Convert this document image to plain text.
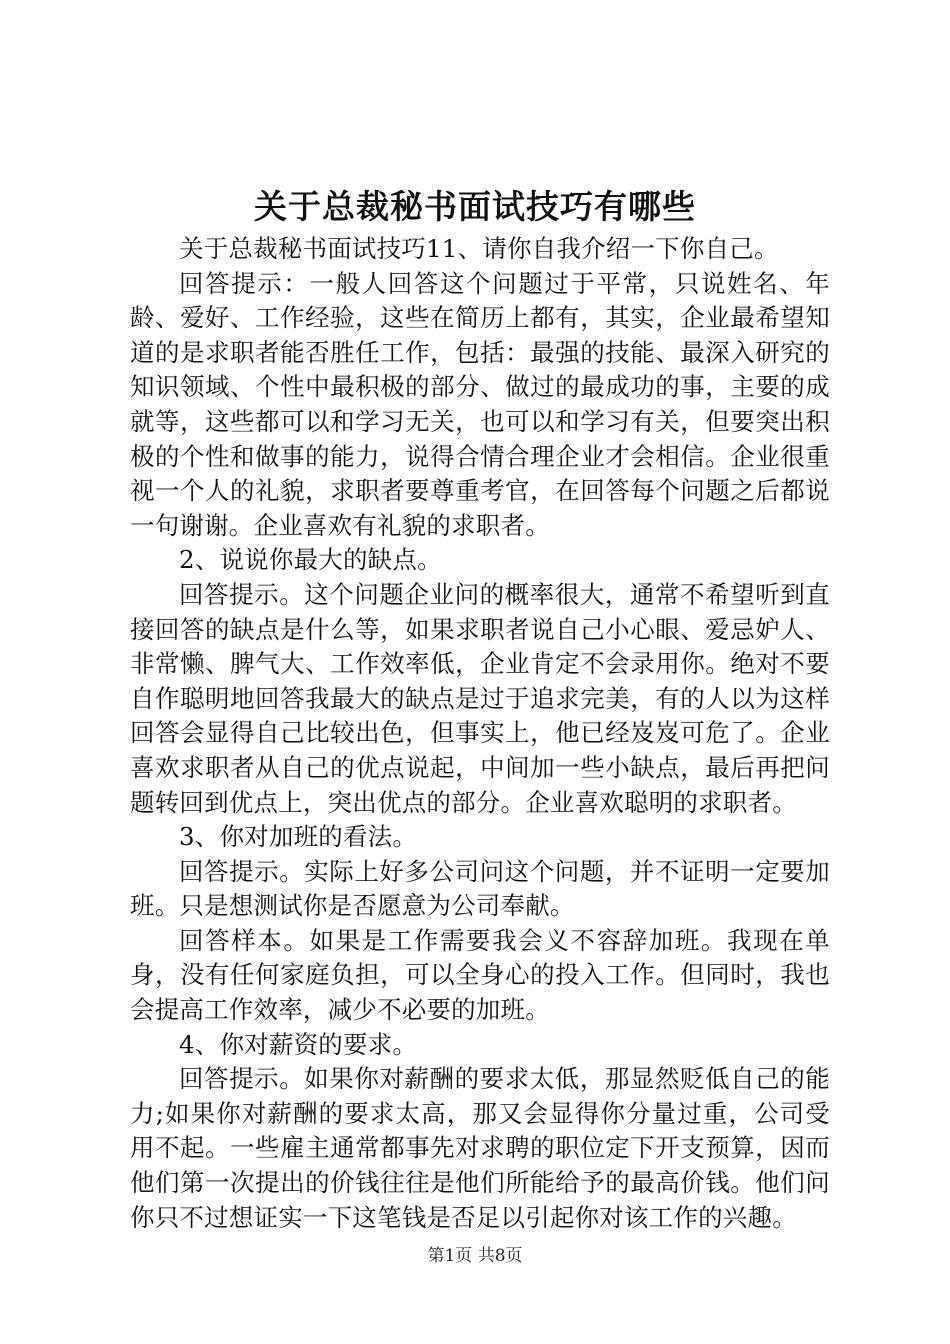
关于总裁秘书面试技巧有哪些

关于总裁秘书面试技巧11、请你自我介绍一下你自己。

回答提示：一般人回答这个问题过于平常，只说姓名、年龄、爱好、工作经验，这些在简历上都有，其实，企业最希望知道的是求职者能否胜任工作，包括：最强的技能、最深入研究的知识领域、个性中最积极的部分、做过的最成功的事，主要的成就等，这些都可以和学习无关，也可以和学习有关，但要突出积极的个性和做事的能力，说得合情合理企业才会相信。企业很重视一个人的礼貌，求职者要尊重考官，在回答每个问题之后都说一句谢谢。企业喜欢有礼貌的求职者。

2、说说你最大的缺点。

回答提示。这个问题企业问的概率很大，通常不希望听到直接回答的缺点是什么等，如果求职者说自己小心眼、爱忌妒人、非常懒、脾气大、工作效率低，企业肯定不会录用你。绝对不要自作聪明地回答我最大的缺点是过于追求完美，有的人以为这样回答会显得自己比较出色，但事实上，他已经岌岌可危了。企业喜欢求职者从自己的优点说起，中间加一些小缺点，最后再把问题转回到优点上，突出优点的部分。企业喜欢聪明的求职者。

3、你对加班的看法。

回答提示。实际上好多公司问这个问题，并不证明一定要加班。只是想测试你是否愿意为公司奉献。

回答样本。如果是工作需要我会义不容辞加班。我现在单身，没有任何家庭负担，可以全身心的投入工作。但同时，我也会提高工作效率，减少不必要的加班。

4、你对薪资的要求。

回答提示。如果你对薪酬的要求太低，那显然贬低自己的能力;如果你对薪酬的要求太高，那又会显得你分量过重，公司受用不起。一些雇主通常都事先对求聘的职位定下开支预算，因而他们第一次提出的价钱往往是他们所能给予的最高价钱。他们问你只不过想证实一下这笔钱是否足以引起你对该工作的兴趣。

第1页 共8页
